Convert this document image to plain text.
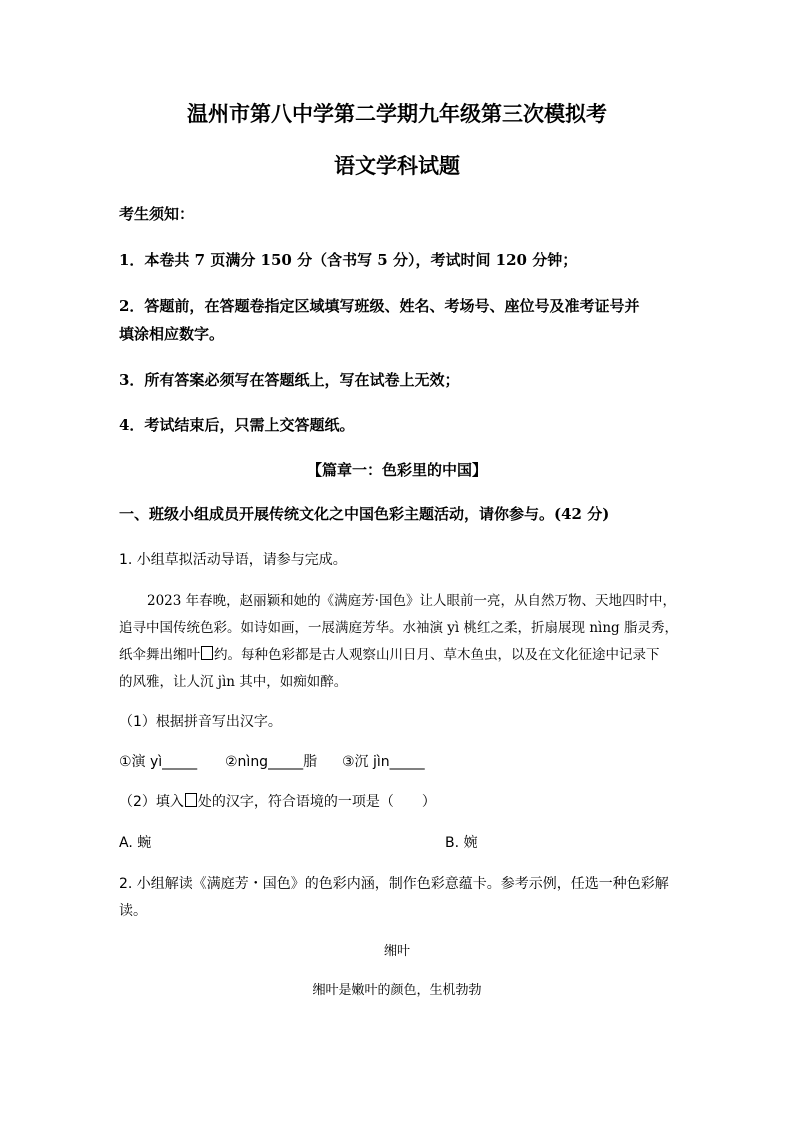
温州市第八中学第二学期九年级第三次模拟考
语文学科试题
考生须知：
1．本卷共 7 页满分 150 分（含书写 5 分），考试时间 120 分钟；
2．答题前，在答题卷指定区域填写班级、姓名、考场号、座位号及准考证号并
填涂相应数字。
3．所有答案必须写在答题纸上，写在试卷上无效；
4．考试结束后，只需上交答题纸。
【篇章一：色彩里的中国】
一、班级小组成员开展传统文化之中国色彩主题活动，请你参与。(42 分)
1. 小组草拟活动导语，请参与完成。
2023 年春晚，赵丽颖和她的《满庭芳·国色》让人眼前一亮，从自然万物、天地四时中，
追寻中国传统色彩。如诗如画，一展满庭芳华。水袖演 yì 桃红之柔，折扇展现 nìng 脂灵秀，
纸伞舞出缃叶 约。每种色彩都是古人观察山川日月、草木鱼虫，以及在文化征途中记录下
的风雅，让人沉 jìn 其中，如痴如醉。
（1）根据拼音写出汉字。
①演 yì_____ ②nìng_____脂 ③沉 jìn_____
（2）填入 处的汉字，符合语境的一项是（　　）
A. 蜿	B. 婉
2. 小组解读《满庭芳・国色》的色彩内涵，制作色彩意蕴卡。参考示例，任选一种色彩解
读。
缃叶
缃叶是嫩叶的颜色，生机勃勃
